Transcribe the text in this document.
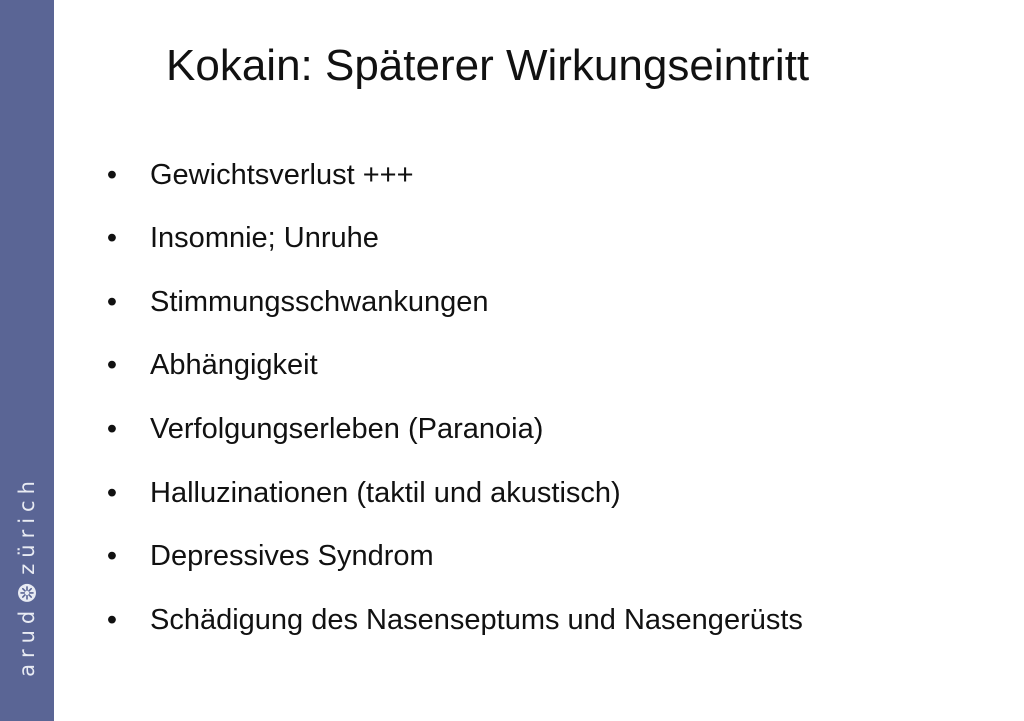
arud
zürich
Kokain: Späterer Wirkungseintritt
• Gewichtsverlust +++
• Insomnie; Unruhe
• Stimmungsschwankungen
• Abhängigkeit
• Verfolgungserleben (Paranoia)
• Halluzinationen (taktil und akustisch)
• Depressives Syndrom
• Schädigung des Nasenseptums und Nasengerüsts
